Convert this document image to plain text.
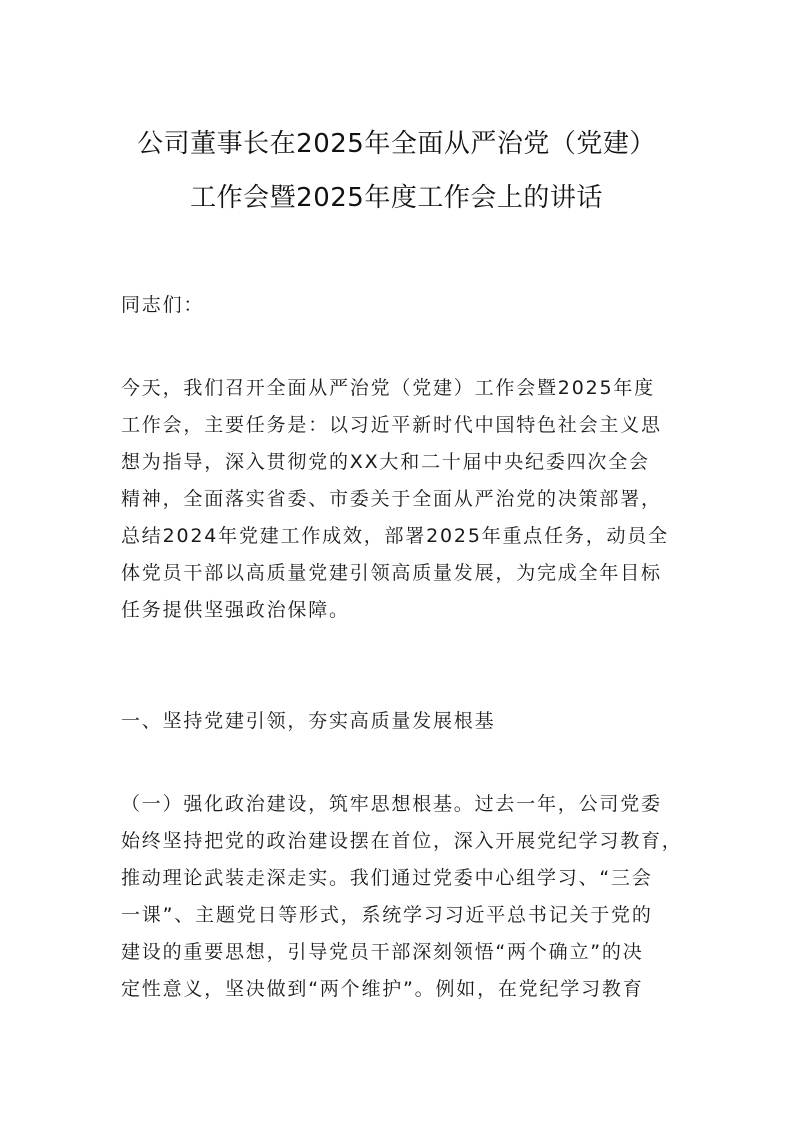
公司董事长在2025年全面从严治党（党建）
工作会暨2025年度工作会上的讲话
同志们：
今天，我们召开全面从严治党（党建）工作会暨2025年度
工作会，主要任务是：以习近平新时代中国特色社会主义思
想为指导，深入贯彻党的XX大和二十届中央纪委四次全会
精神，全面落实省委、市委关于全面从严治党的决策部署，
总结2024年党建工作成效，部署2025年重点任务，动员全
体党员干部以高质量党建引领高质量发展，为完成全年目标
任务提供坚强政治保障。
一、坚持党建引领，夯实高质量发展根基
（一）强化政治建设，筑牢思想根基。过去一年，公司党委
始终坚持把党的政治建设摆在首位，深入开展党纪学习教育，
推动理论武装走深走实。我们通过党委中心组学习、“三会
一课”、主题党日等形式，系统学习习近平总书记关于党的
建设的重要思想，引导党员干部深刻领悟“两个确立”的决
定性意义，坚决做到“两个维护”。例如，在党纪学习教育
